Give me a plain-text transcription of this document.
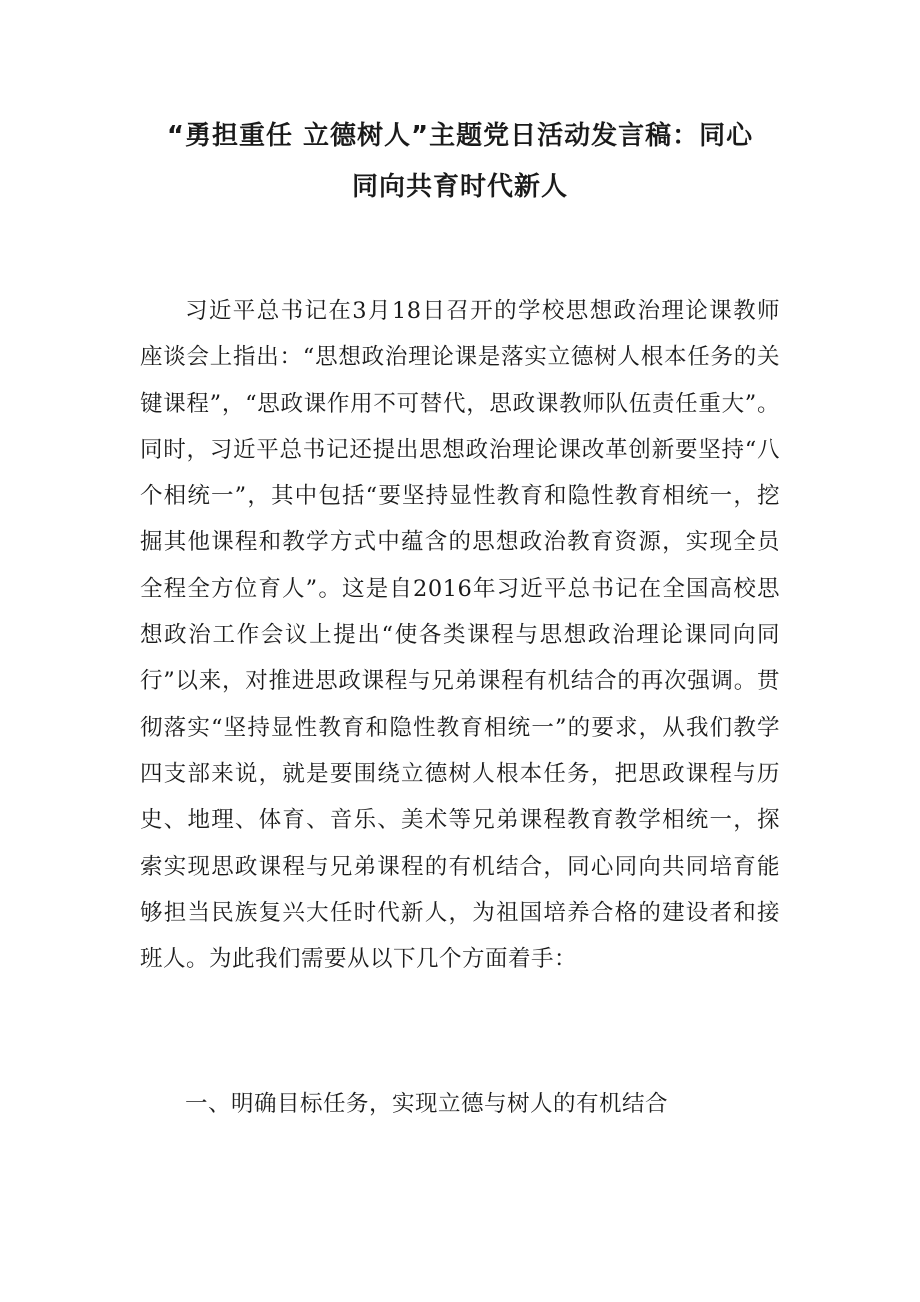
“勇担重任 立德树人”主题党日活动发言稿：同心
同向共育时代新人

习近平总书记在3月18日召开的学校思想政治理论课教师座谈会上指出：“思想政治理论课是落实立德树人根本任务的关键课程”，“思政课作用不可替代，思政课教师队伍责任重大”。同时，习近平总书记还提出思想政治理论课改革创新要坚持“八个相统一”，其中包括“要坚持显性教育和隐性教育相统一，挖掘其他课程和教学方式中蕴含的思想政治教育资源，实现全员全程全方位育人”。这是自2016年习近平总书记在全国高校思想政治工作会议上提出“使各类课程与思想政治理论课同向同行”以来，对推进思政课程与兄弟课程有机结合的再次强调。贯彻落实“坚持显性教育和隐性教育相统一”的要求，从我们教学四支部来说，就是要围绕立德树人根本任务，把思政课程与历史、地理、体育、音乐、美术等兄弟课程教育教学相统一，探索实现思政课程与兄弟课程的有机结合，同心同向共同培育能够担当民族复兴大任时代新人，为祖国培养合格的建设者和接班人。为此我们需要从以下几个方面着手：

一、明确目标任务，实现立德与树人的有机结合
